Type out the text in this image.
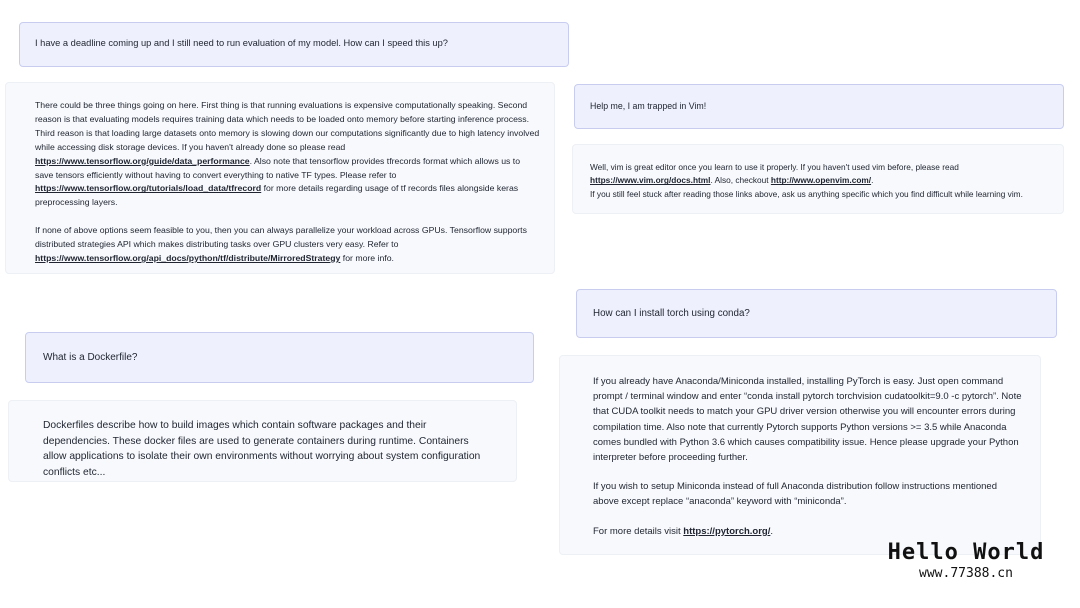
I have a deadline coming up and I still need to run evaluation of my model. How can I speed this up?

There could be three things going on here. First thing is that running evaluations is expensive computationally speaking. Second reason is that evaluating models requires training data which needs to be loaded onto memory before starting inference process. Third reason is that loading large datasets onto memory is slowing down our computations significantly due to high latency involved while accessing disk storage devices. If you haven't already done so please read https://www.tensorflow.org/guide/data_performance. Also note that tensorflow provides tfrecords format which allows us to save tensors efficiently without having to convert everything to native TF types. Please refer to https://www.tensorflow.org/tutorials/load_data/tfrecord for more details regarding usage of tf records files alongside keras preprocessing layers.

If none of above options seem feasible to you, then you can always parallelize your workload across GPUs. Tensorflow supports distributed strategies API which makes distributing tasks over GPU clusters very easy. Refer to https://www.tensorflow.org/api_docs/python/tf/distribute/MirroredStrategy for more info.

Help me, I am trapped in Vim!

Well, vim is great editor once you learn to use it properly. If you haven't used vim before, please read https://www.vim.org/docs.html. Also, checkout http://www.openvim.com/.
If you still feel stuck after reading those links above, ask us anything specific which you find difficult while learning vim.

What is a Dockerfile?

Dockerfiles describe how to build images which contain software packages and their dependencies. These docker files are used to generate containers during runtime. Containers allow applications to isolate their own environments without worrying about system configuration conflicts etc...

How can I install torch using conda?

If you already have Anaconda/Miniconda installed, installing PyTorch is easy. Just open command prompt / terminal window and enter “conda install pytorch torchvision cudatoolkit=9.0 -c pytorch”. Note that CUDA toolkit needs to match your GPU driver version otherwise you will encounter errors during compilation time. Also note that currently Pytorch supports Python versions >= 3.5 while Anaconda comes bundled with Python 3.6 which causes compatibility issue. Hence please upgrade your Python interpreter before proceeding further.

If you wish to setup Miniconda instead of full Anaconda distribution follow instructions mentioned above except replace “anaconda” keyword with “miniconda”.

For more details visit https://pytorch.org/.

Hello World
www.77388.cn
